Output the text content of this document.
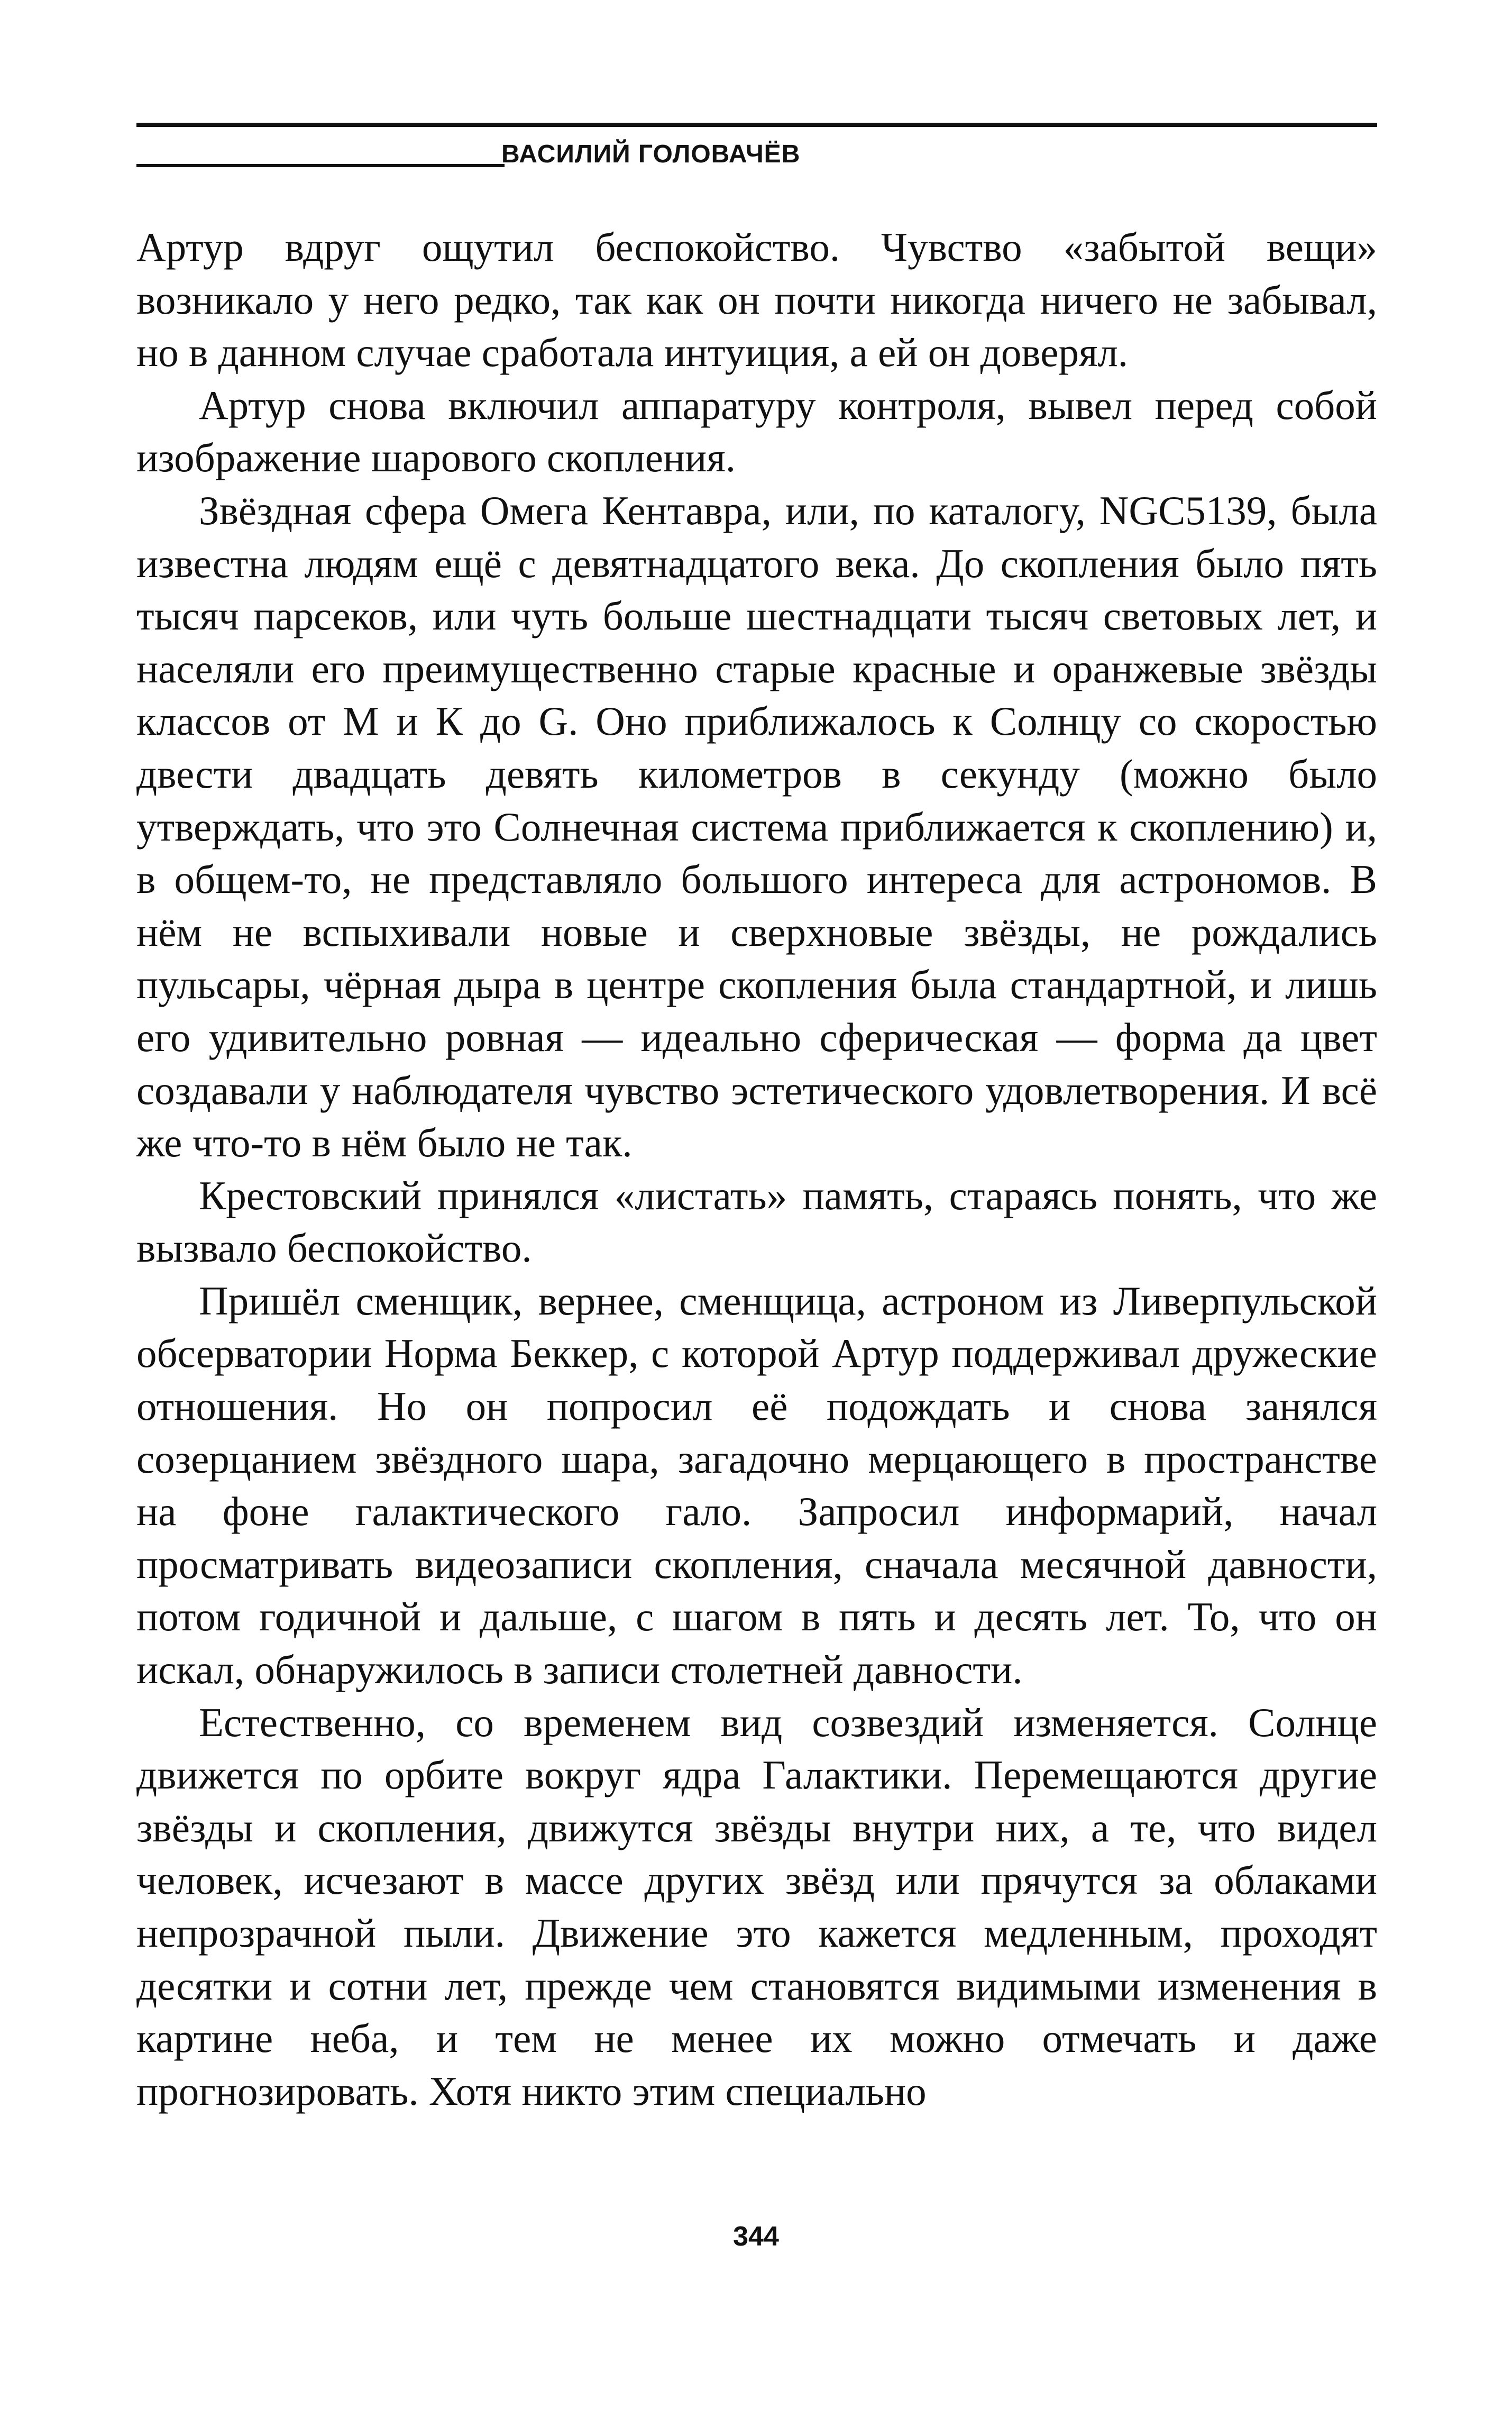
ВАСИЛИЙ ГОЛОВАЧЁВ

Артур вдруг ощутил беспокойство. Чувство «забытой вещи» возникало у него редко, так как он почти никогда ничего не забывал, но в данном случае сработала интуиция, а ей он доверял.

Артур снова включил аппаратуру контроля, вывел перед собой изображение шарового скопления.

Звёздная сфера Омега Кентавра, или, по каталогу, NGC5139, была известна людям ещё с девятнадцатого века. До скопления было пять тысяч парсеков, или чуть больше шестнадцати тысяч световых лет, и населяли его преимущественно старые красные и оранжевые звёзды классов от М и К до G. Оно приближалось к Солнцу со скоростью двести двадцать девять километров в секунду (можно было утверждать, что это Солнечная система приближается к скоплению) и, в общем-то, не представляло большого интереса для астрономов. В нём не вспыхивали новые и сверхновые звёзды, не рождались пульсары, чёрная дыра в центре скопления была стандартной, и лишь его удивительно ровная — идеально сферическая — форма да цвет создавали у наблюдателя чувство эстетического удовлетворения. И всё же что-то в нём было не так.

Крестовский принялся «листать» память, стараясь понять, что же вызвало беспокойство.

Пришёл сменщик, вернее, сменщица, астроном из Ливерпульской обсерватории Норма Беккер, с которой Артур поддерживал дружеские отношения. Но он попросил её подождать и снова занялся созерцанием звёздного шара, загадочно мерцающего в пространстве на фоне галактического гало. Запросил информарий, начал просматривать видеозаписи скопления, сначала месячной давности, потом годичной и дальше, с шагом в пять и десять лет. То, что он искал, обнаружилось в записи столетней давности.

Естественно, со временем вид созвездий изменяется. Солнце движется по орбите вокруг ядра Галактики. Перемещаются другие звёзды и скопления, движутся звёзды внутри них, а те, что видел человек, исчезают в массе других звёзд или прячутся за облаками непрозрачной пыли. Движение это кажется медленным, проходят десятки и сотни лет, прежде чем становятся видимыми изменения в картине неба, и тем не менее их можно отмечать и даже прогнозировать. Хотя никто этим специально

344
